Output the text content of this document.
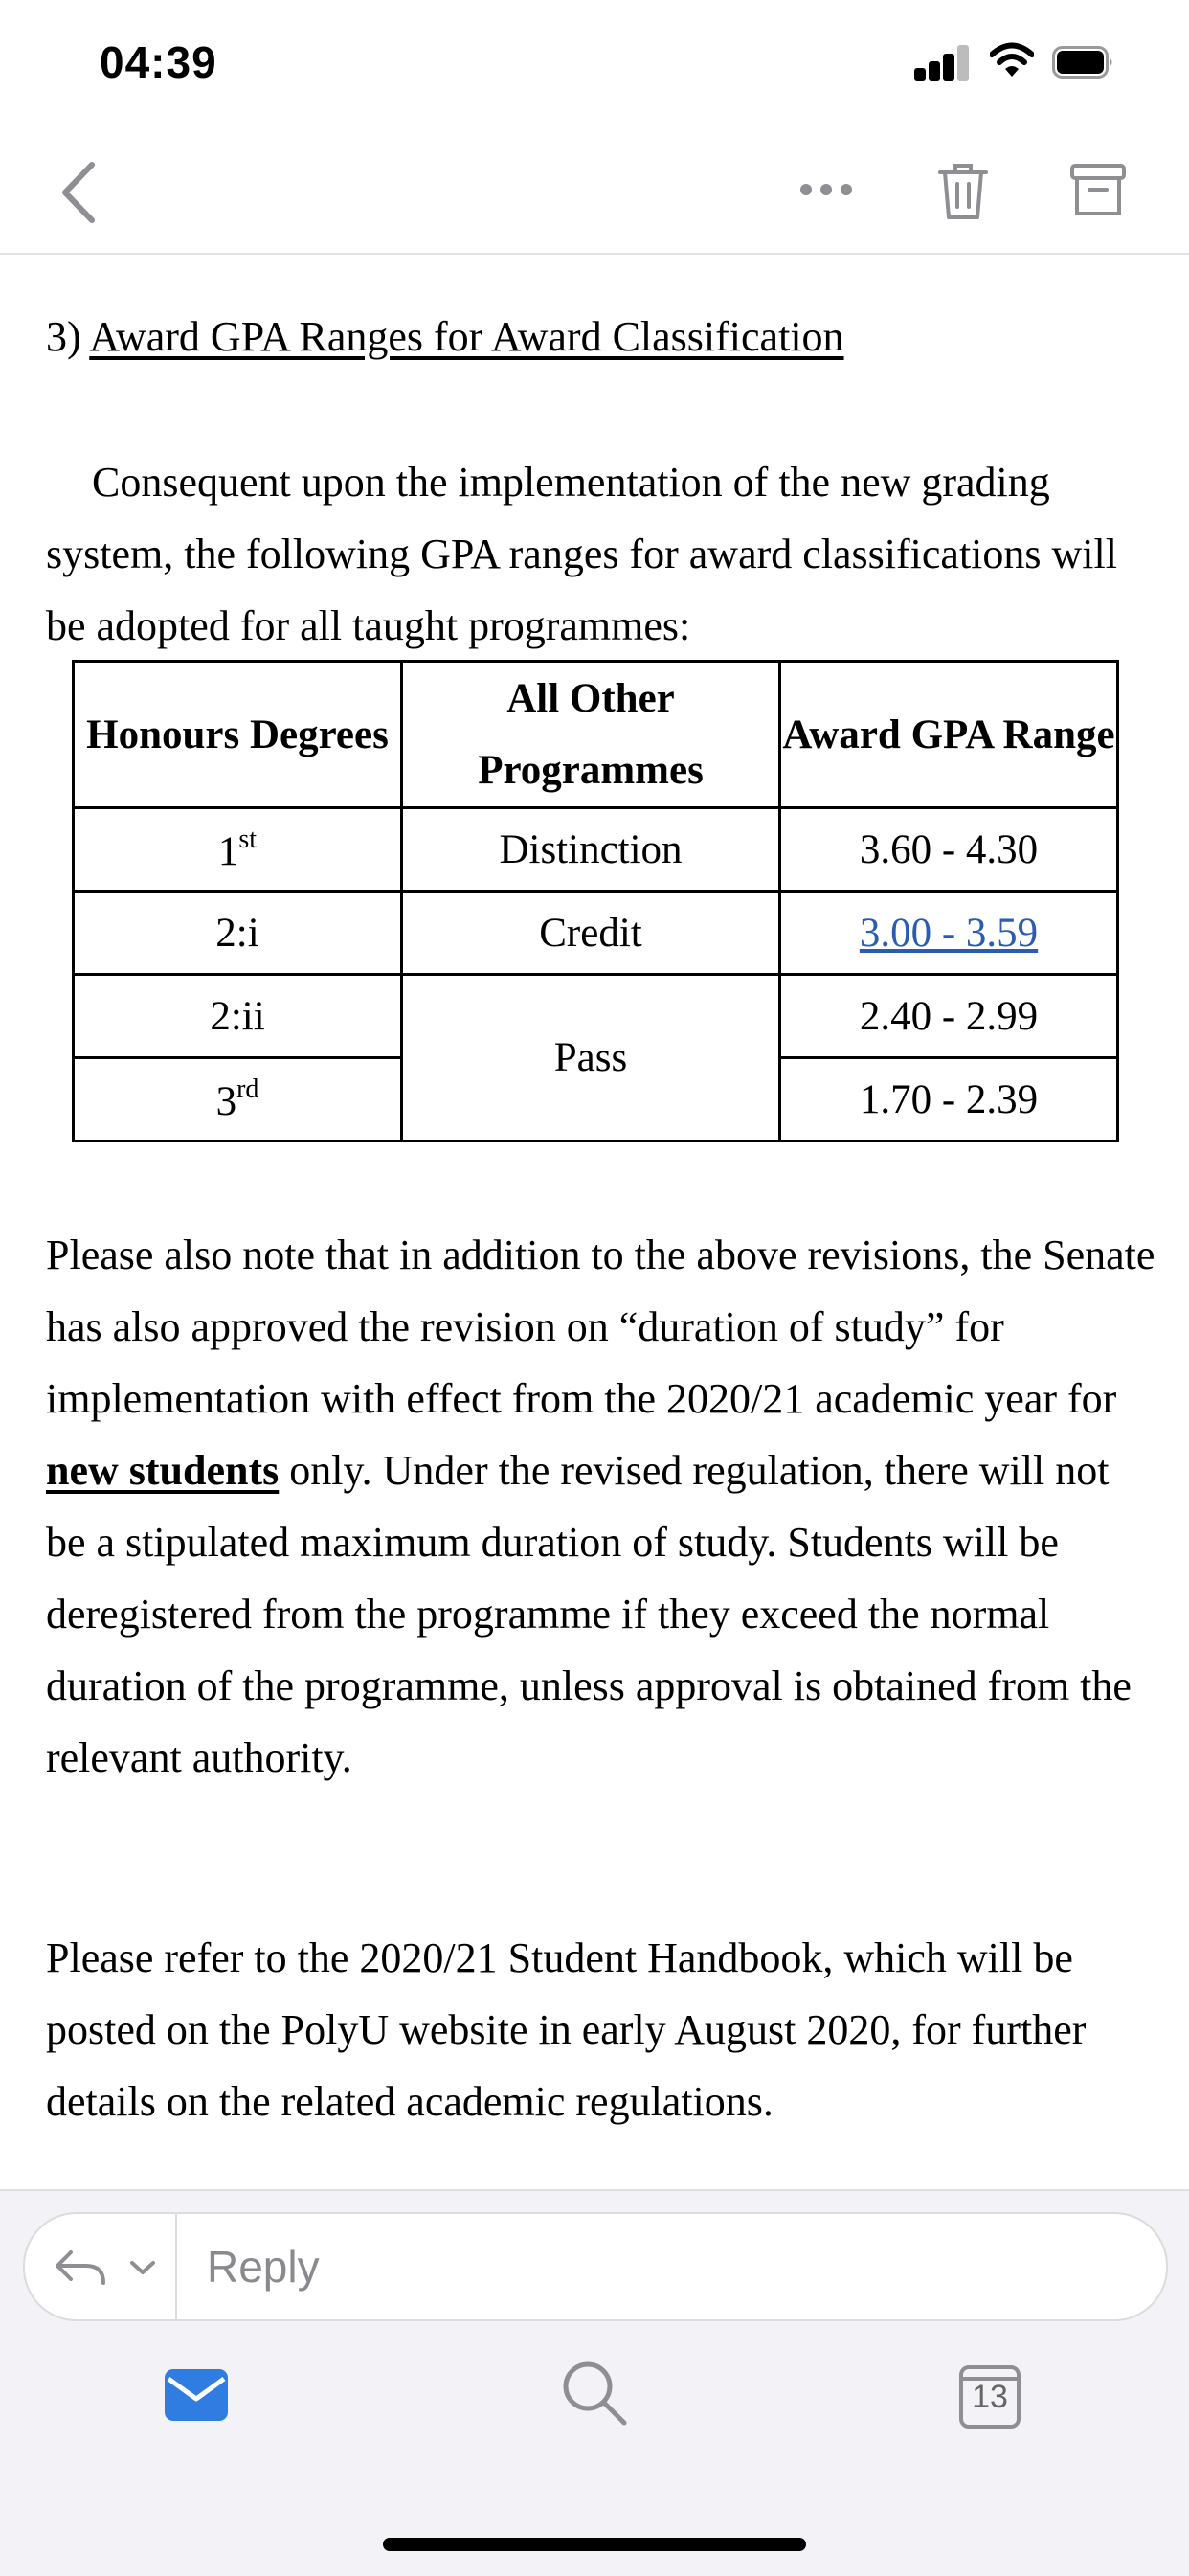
04:39
3) Award GPA Ranges for Award Classification
Consequent upon the implementation of the new grading system, the following GPA ranges for award classifications will be adopted for all taught programmes:
Honours Degrees	All Other Programmes	Award GPA Range
1st	Distinction	3.60 - 4.30
2:i	Credit	3.00 - 3.59
2:ii	Pass	2.40 - 2.99
3rd		1.70 - 2.39
Please also note that in addition to the above revisions, the Senate has also approved the revision on “duration of study” for implementation with effect from the 2020/21 academic year for new students only. Under the revised regulation, there will not be a stipulated maximum duration of study. Students will be deregistered from the programme if they exceed the normal duration of the programme, unless approval is obtained from the relevant authority.
Please refer to the 2020/21 Student Handbook, which will be posted on the PolyU website in early August 2020, for further details on the related academic regulations.
Reply
13
